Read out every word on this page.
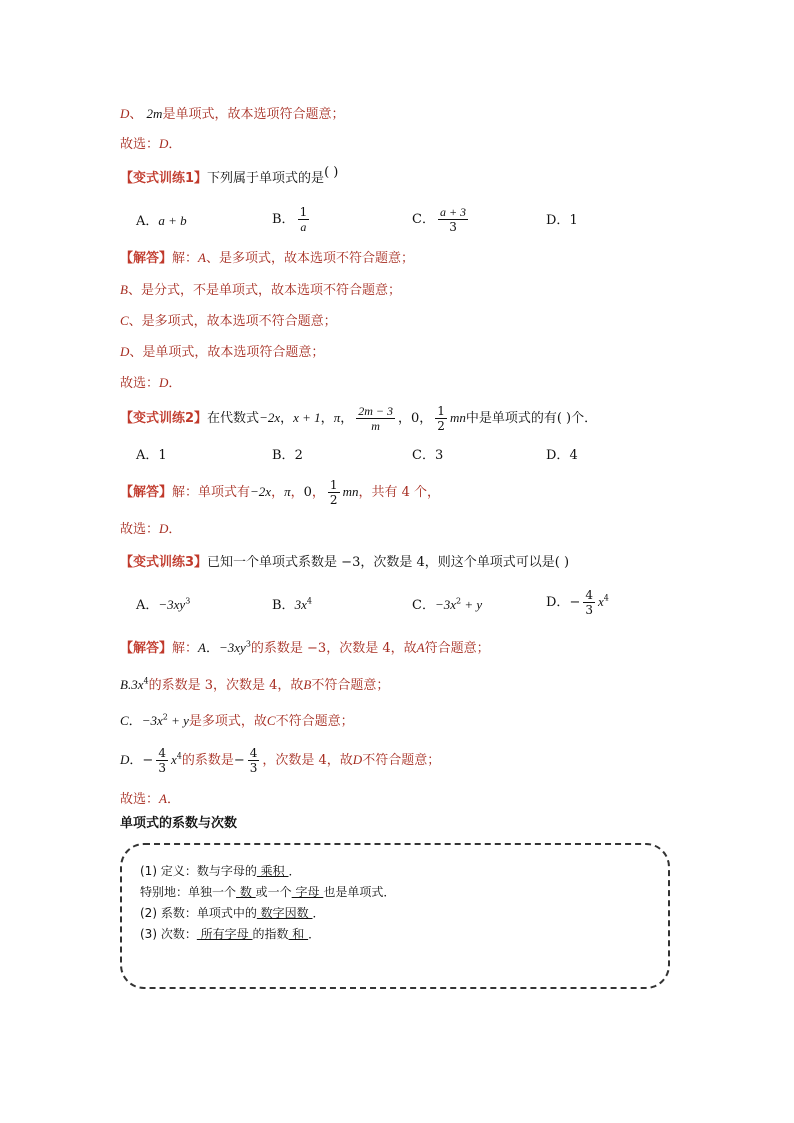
D、 2m是单项式，故本选项符合题意；
故选：D．
【变式训练1】下列属于单项式的是( )
A．a + b	B． $\frac{1}{a}$	C． $\frac{a + 3}{3}$	D．1
【解答】解：A、是多项式，故本选项不符合题意；
B、是分式，不是单项式，故本选项不符合题意；
C、是多项式，故本选项不符合题意；
D、是单项式，故本选项符合题意；
故选：D．
【变式训练2】在代数式−2x，x + 1，π， $\frac{2m - 3}{m}$ ，0， $\frac{1}{2}$ mn中是单项式的有( )个．
A．1	B．2	C．3	D．4
【解答】解：单项式有−2x，π，0， $\frac{1}{2}$ mn，共有 4 个，
故选：D．
【变式训练3】已知一个单项式系数是 −3，次数是 4，则这个单项式可以是( )
A．$-3xy^3$	B．$3x^4$	C．$-3x^2 + y$	D．− $\frac{4}{3} x^4$
【解答】解：A．$-3xy^3$的系数是 −3，次数是 4，故A符合题意；
$B.3x^4$的系数是 3，次数是 4，故B不符合题意；
C．$-3x^2 + y$是多项式，故C不符合题意；
D．− $\frac{4}{3} x^4$的系数是− $\frac{4}{3}$ ，次数是 4，故D不符合题意；
故选：A．
单项式的系数与次数
(1) 定义：数与字母的 乘积 ．
特别地：单独一个 数 或一个 字母 也是单项式．
(2) 系数：单项式中的 数字因数 ．
(3) 次数： 所有字母 的指数 和 ．
